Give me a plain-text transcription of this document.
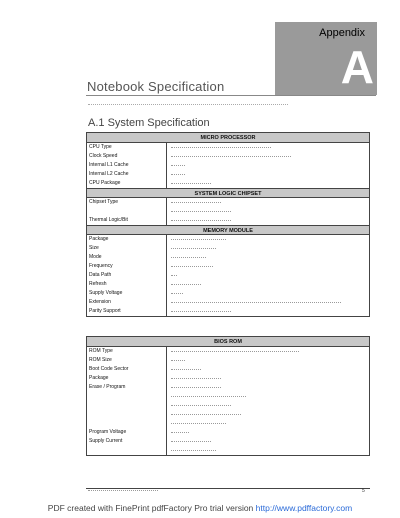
Appendix
A
Notebook Specification
A.1 System Specification
MICRO PROCESSOR
CPU Type
Clock Speed
Internal L1 Cache
Internal L2 Cache
CPU Package
SYSTEM LOGIC CHIPSET
Chipset Type
Thermal Logic/Bit
MEMORY MODULE
Package
Size
Mode
Frequency
Data Path
Refresh
Supply Voltage
Extension
Parity Support
BIOS ROM
ROM Type
ROM Size
Boot Code Sector
Package
Erase / Program
Program Voltage
Supply Current
5
PDF created with FinePrint pdfFactory Pro trial version http://www.pdffactory.com
